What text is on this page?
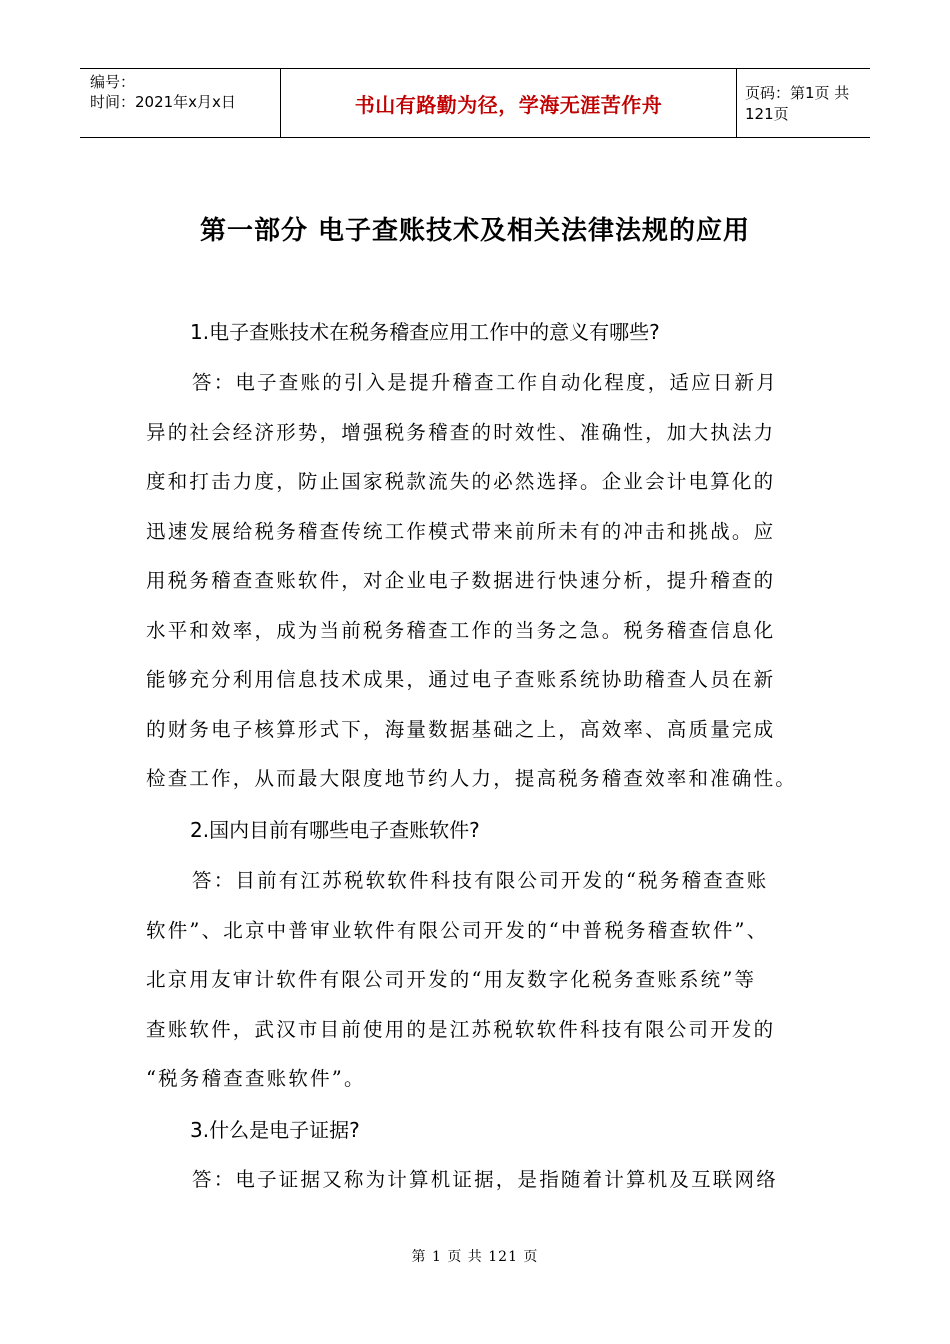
编号：
时间：2021年x月x日	书山有路勤为径，学海无涯苦作舟	页码：第1页 共121页
第一部分 电子查账技术及相关法律法规的应用
1.电子查账技术在税务稽查应用工作中的意义有哪些?
答：电子查账的引入是提升稽查工作自动化程度，适应日新月
异的社会经济形势，增强税务稽查的时效性、准确性，加大执法力
度和打击力度，防止国家税款流失的必然选择。企业会计电算化的
迅速发展给税务稽查传统工作模式带来前所未有的冲击和挑战。应
用税务稽查查账软件，对企业电子数据进行快速分析，提升稽查的
水平和效率，成为当前税务稽查工作的当务之急。税务稽查信息化
能够充分利用信息技术成果，通过电子查账系统协助稽查人员在新
的财务电子核算形式下，海量数据基础之上，高效率、高质量完成
检查工作，从而最大限度地节约人力，提高税务稽查效率和准确性。
2.国内目前有哪些电子查账软件?
答：目前有江苏税软软件科技有限公司开发的“税务稽查查账
软件”、北京中普审业软件有限公司开发的“中普税务稽查软件”、
北京用友审计软件有限公司开发的“用友数字化税务查账系统”等
查账软件，武汉市目前使用的是江苏税软软件科技有限公司开发的
“税务稽查查账软件”。
3.什么是电子证据?
答：电子证据又称为计算机证据，是指随着计算机及互联网络
第 1 页 共 121 页
